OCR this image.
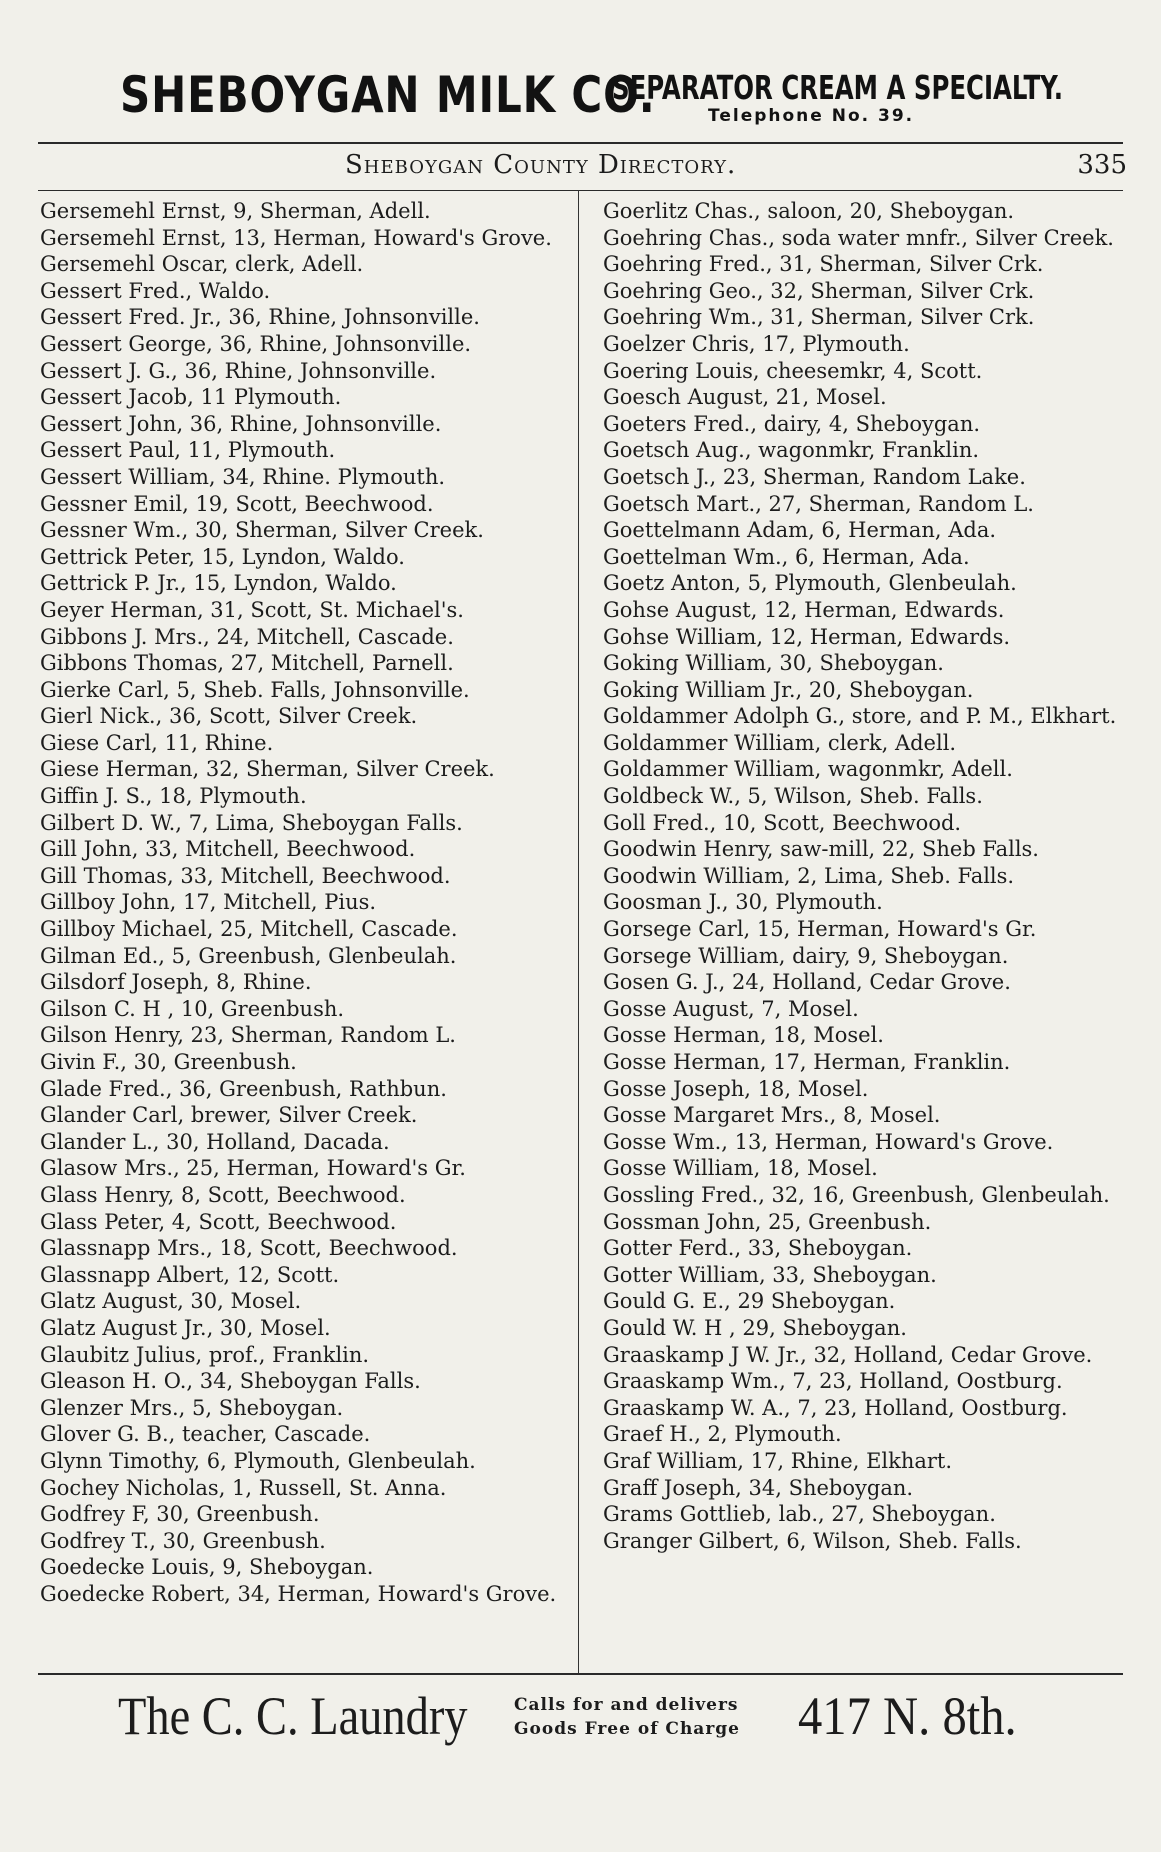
SHEBOYGAN MILK CO.
SEPARATOR CREAM A SPECIALTY.
Telephone No. 39.
Sheboygan County Directory.	335
Gersemehl Ernst, 9, Sherman, Adell.
Gersemehl Ernst, 13, Herman, Howard's Grove.
Gersemehl Oscar, clerk, Adell.
Gessert Fred., Waldo.
Gessert Fred. Jr., 36, Rhine, Johnsonville.
Gessert George, 36, Rhine, Johnsonville.
Gessert J. G., 36, Rhine, Johnsonville.
Gessert Jacob, 11 Plymouth.
Gessert John, 36, Rhine, Johnsonville.
Gessert Paul, 11, Plymouth.
Gessert William, 34, Rhine. Plymouth.
Gessner Emil, 19, Scott, Beechwood.
Gessner Wm., 30, Sherman, Silver Creek.
Gettrick Peter, 15, Lyndon, Waldo.
Gettrick P. Jr., 15, Lyndon, Waldo.
Geyer Herman, 31, Scott, St. Michael's.
Gibbons J. Mrs., 24, Mitchell, Cascade.
Gibbons Thomas, 27, Mitchell, Parnell.
Gierke Carl, 5, Sheb. Falls, Johnsonville.
Gierl Nick., 36, Scott, Silver Creek.
Giese Carl, 11, Rhine.
Giese Herman, 32, Sherman, Silver Creek.
Giffin J. S., 18, Plymouth.
Gilbert D. W., 7, Lima, Sheboygan Falls.
Gill John, 33, Mitchell, Beechwood.
Gill Thomas, 33, Mitchell, Beechwood.
Gillboy John, 17, Mitchell, Pius.
Gillboy Michael, 25, Mitchell, Cascade.
Gilman Ed., 5, Greenbush, Glenbeulah.
Gilsdorf Joseph, 8, Rhine.
Gilson C. H , 10, Greenbush.
Gilson Henry, 23, Sherman, Random L.
Givin F., 30, Greenbush.
Glade Fred., 36, Greenbush, Rathbun.
Glander Carl, brewer, Silver Creek.
Glander L., 30, Holland, Dacada.
Glasow Mrs., 25, Herman, Howard's Gr.
Glass Henry, 8, Scott, Beechwood.
Glass Peter, 4, Scott, Beechwood.
Glassnapp Mrs., 18, Scott, Beechwood.
Glassnapp Albert, 12, Scott.
Glatz August, 30, Mosel.
Glatz August Jr., 30, Mosel.
Glaubitz Julius, prof., Franklin.
Gleason H. O., 34, Sheboygan Falls.
Glenzer Mrs., 5, Sheboygan.
Glover G. B., teacher, Cascade.
Glynn Timothy, 6, Plymouth, Glenbeulah.
Gochey Nicholas, 1, Russell, St. Anna.
Godfrey F, 30, Greenbush.
Godfrey T., 30, Greenbush.
Goedecke Louis, 9, Sheboygan.
Goedecke Robert, 34, Herman, Howard's Grove.
Goerlitz Chas., saloon, 20, Sheboygan.
Goehring Chas., soda water mnfr., Silver Creek.
Goehring Fred., 31, Sherman, Silver Crk.
Goehring Geo., 32, Sherman, Silver Crk.
Goehring Wm., 31, Sherman, Silver Crk.
Goelzer Chris, 17, Plymouth.
Goering Louis, cheesemkr, 4, Scott.
Goesch August, 21, Mosel.
Goeters Fred., dairy, 4, Sheboygan.
Goetsch Aug., wagonmkr, Franklin.
Goetsch J., 23, Sherman, Random Lake.
Goetsch Mart., 27, Sherman, Random L.
Goettelmann Adam, 6, Herman, Ada.
Goettelman Wm., 6, Herman, Ada.
Goetz Anton, 5, Plymouth, Glenbeulah.
Gohse August, 12, Herman, Edwards.
Gohse William, 12, Herman, Edwards.
Goking William, 30, Sheboygan.
Goking William Jr., 20, Sheboygan.
Goldammer Adolph G., store, and P. M., Elkhart.
Goldammer William, clerk, Adell.
Goldammer William, wagonmkr, Adell.
Goldbeck W., 5, Wilson, Sheb. Falls.
Goll Fred., 10, Scott, Beechwood.
Goodwin Henry, saw-mill, 22, Sheb Falls.
Goodwin William, 2, Lima, Sheb. Falls.
Goosman J., 30, Plymouth.
Gorsege Carl, 15, Herman, Howard's Gr.
Gorsege William, dairy, 9, Sheboygan.
Gosen G. J., 24, Holland, Cedar Grove.
Gosse August, 7, Mosel.
Gosse Herman, 18, Mosel.
Gosse Herman, 17, Herman, Franklin.
Gosse Joseph, 18, Mosel.
Gosse Margaret Mrs., 8, Mosel.
Gosse Wm., 13, Herman, Howard's Grove.
Gosse William, 18, Mosel.
Gossling Fred., 32, 16, Greenbush, Glenbeulah.
Gossman John, 25, Greenbush.
Gotter Ferd., 33, Sheboygan.
Gotter William, 33, Sheboygan.
Gould G. E., 29 Sheboygan.
Gould W. H , 29, Sheboygan.
Graaskamp J W. Jr., 32, Holland, Cedar Grove.
Graaskamp Wm., 7, 23, Holland, Oostburg.
Graaskamp W. A., 7, 23, Holland, Oostburg.
Graef H., 2, Plymouth.
Graf William, 17, Rhine, Elkhart.
Graff Joseph, 34, Sheboygan.
Grams Gottlieb, lab., 27, Sheboygan.
Granger Gilbert, 6, Wilson, Sheb. Falls.
The C. C. Laundry	Calls for and delivers
Goods Free of Charge	417 N. 8th.
